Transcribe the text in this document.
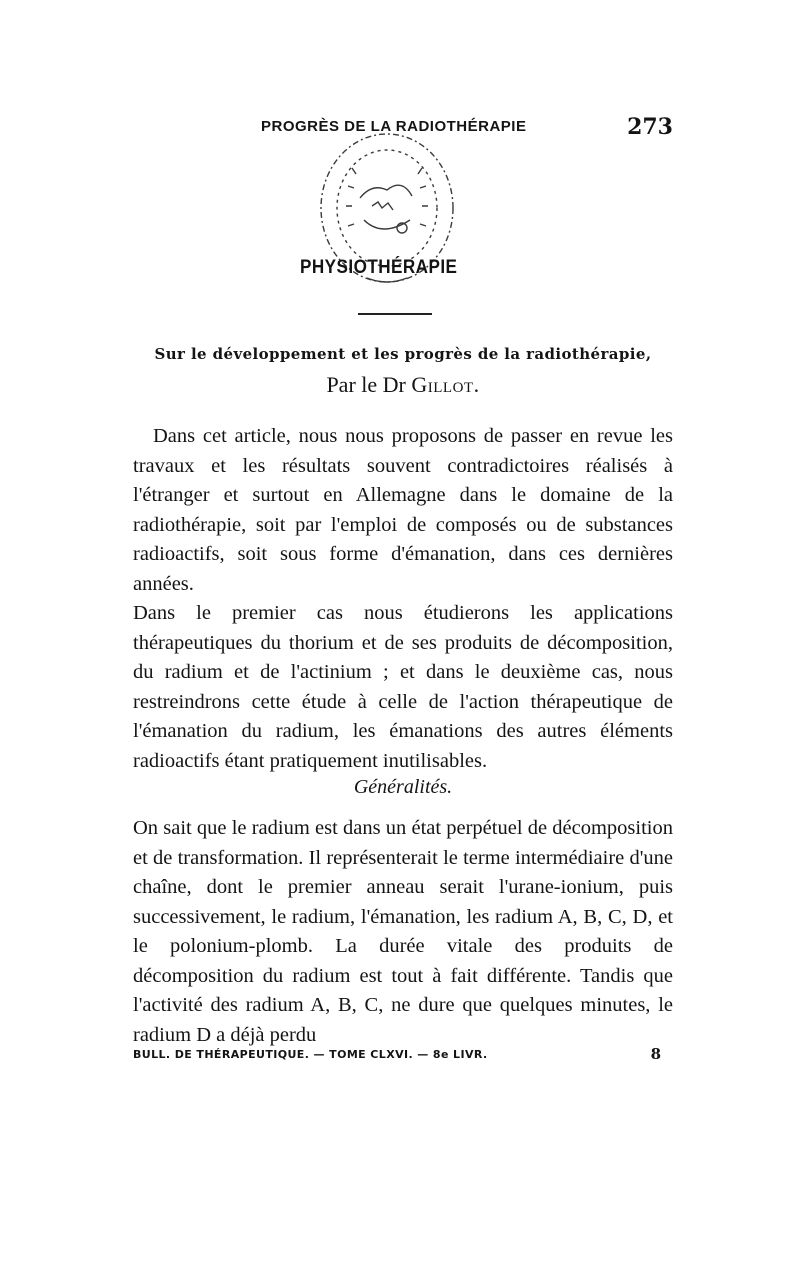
PROGRÈS DE LA RADIOTHÉRAPIE	273
PHYSIOTHÉRAPIE
Sur le développement et les progrès de la radiothérapie,
Par le Dr Gillot.

Dans cet article, nous nous proposons de passer en revue les travaux et les résultats souvent contradictoires réalisés à l'étranger et surtout en Allemagne dans le domaine de la radiothérapie, soit par l'emploi de composés ou de substances radioactifs, soit sous forme d'émanation, dans ces dernières années.

Dans le premier cas nous étudierons les applications thérapeutiques du thorium et de ses produits de décomposition, du radium et de l'actinium ; et dans le deuxième cas, nous restreindrons cette étude à celle de l'action thérapeutique de l'émanation du radium, les émanations des autres éléments radioactifs étant pratiquement inutilisables.

Généralités.

On sait que le radium est dans un état perpétuel de décomposition et de transformation. Il représenterait le terme intermédiaire d'une chaîne, dont le premier anneau serait l'urane-ionium, puis successivement, le radium, l'émanation, les radium A, B, C, D, et le polonium-plomb. La durée vitale des produits de décomposition du radium est tout à fait différente. Tandis que l'activité des radium A, B, C, ne dure que quelques minutes, le radium D a déjà perdu

BULL. DE THÉRAPEUTIQUE. — TOME CLXVI. — 8e LIVR.	8
